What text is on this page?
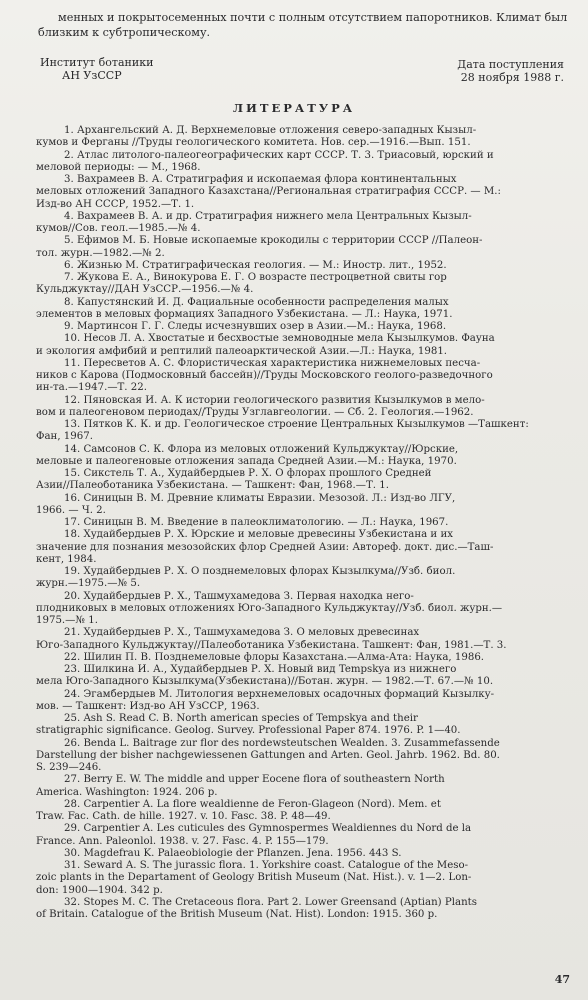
менных и покрытосеменных почти с полным отсутствием папоротников. Климат был
близким к субтропическому.
Институт ботаники
АН УзССР
Дата поступления
28 ноября 1988 г.
ЛИТЕРАТУРА
1. Архангельский А. Д. Верхнемеловые отложения северо-западных Кызыл-
кумов и Ферганы //Труды геологического комитета. Нов. сер.—1916.—Вып. 151.
2. Атлас литолого-палеогеографических карт СССР. Т. 3. Триасовый, юрский и
меловой периоды: — М., 1968.
3. Вахрамеев В. А. Стратиграфия и ископаемая флора континентальных
меловых отложений Западного Казахстана//Региональная стратиграфия СССР. — М.:
Изд-во АН СССР, 1952.—Т. 1.
4. Вахрамеев В. А. и др. Стратиграфия нижнего мела Центральных Кызыл-
кумов//Сов. геол.—1985.—№ 4.
5. Ефимов М. Б. Новые ископаемые крокодилы с территории СССР //Палеон-
тол. журн.—1982.—№ 2.
6. Жизнью М. Стратиграфическая геология. — М.: Иностр. лит., 1952.
7. Жукова Е. А., Винокурова Е. Г. О возрасте пестроцветной свиты гор
Кульджуктау//ДАН УзССР.—1956.—№ 4.
8. Капустянский И. Д. Фациальные особенности распределения малых
элементов в меловых формациях Западного Узбекистана. — Л.: Наука, 1971.
9. Мартинсон Г. Г. Следы исчезнувших озер в Азии.—М.: Наука, 1968.
10. Несов Л. А. Хвостатые и бесхвостые земноводные мела Кызылкумов. Фауна
и экология амфибий и рептилий палеоарктической Азии.—Л.: Наука, 1981.
11. Пересветов А. С. Флористическая характеристика нижнемеловых песча-
ников с Карова (Подмосковный бассейн)//Труды Московского геолого-разведочного
ин-та.—1947.—Т. 22.
12. Пяновская И. А. К истории геологического развития Кызылкумов в мело-
вом и палеогеновом периодах//Труды Узглавгеологии. — Сб. 2. Геология.—1962.
13. Пятков К. К. и др. Геологическое строение Центральных Кызылкумов —Ташкент:
Фан, 1967.
14. Самсонов С. К. Флора из меловых отложений Кульджуктау//Юрские,
меловые и палеогеновые отложения запада Средней Азии.—М.: Наука, 1970.
15. Сикстель Т. А., Худайбердыев Р. Х. О флорах прошлого Средней
Азии//Палеоботаника Узбекистана. — Ташкент: Фан, 1968.—Т. 1.
16. Синицын В. М. Древние климаты Евразии. Мезозой. Л.: Изд-во ЛГУ,
1966. — Ч. 2.
17. Синицын В. М. Введение в палеоклиматологию. — Л.: Наука, 1967.
18. Худайбердыев Р. Х. Юрские и меловые древесины Узбекистана и их
значение для познания мезозойских флор Средней Азии: Автореф. докт. дис.—Таш-
кент, 1984.
19. Худайбердыев Р. Х. О позднемеловых флорах Кызылкума//Узб. биол.
журн.—1975.—№ 5.
20. Худайбердыев Р. Х., Ташмухамедова З. Первая находка него-
плодниковых в меловых отложениях Юго-Западного Кульджуктау//Узб. биол. журн.—
1975.—№ 1.
21. Худайбердыев Р. Х., Ташмухамедова З. О меловых древесинах
Юго-Западного Кульджуктау//Палеоботаника Узбекистана. Ташкент: Фан, 1981.—Т. 3.
22. Шилин П. В. Позднемеловые флоры Казахстана.—Алма-Ата: Наука, 1986.
23. Шилкина И. А., Худайбердыев Р. Х. Новый вид Tempskya из нижнего
мела Юго-Западного Кызылкума(Узбекистана)//Ботан. журн. — 1982.—Т. 67.—№ 10.
24. Эгамбердыев М. Литология верхнемеловых осадочных формаций Кызылку-
мов. — Ташкент: Изд-во АН УзССР, 1963.
25. Ash S. Read C. B. North american species of Tempskya and their
stratigraphic significance. Geolog. Survey. Professional Paper 874. 1976. P. 1—40.
26. Benda L. Baitrage zur flor des nordewsteutschen Wealden. 3. Zusammefassende
Darstellung der bisher nachgewiessenen Gattungen and Arten. Geol. Jahrb. 1962. Bd. 80.
S. 239—246.
27. Berry E. W. The middle and upper Eocene flora of southeastern North
America. Washington: 1924. 206 p.
28. Carpentier A. La flore wealdienne de Feron-Glageon (Nord). Mem. et
Traw. Fac. Cath. de hille. 1927. v. 10. Fasc. 38. P. 48—49.
29. Carpentier A. Les cuticules des Gymnospermes Wealdiennes du Nord de la
France. Ann. Paleonlol. 1938. v. 27. Fasc. 4. P. 155—179.
30. Magdefrau K. Palaeobiologie der Pflanzen. Jena. 1956. 443 S.
31. Seward A. S. The jurassic flora. 1. Yorkshire coast. Catalogue of the Meso-
zoic plants in the Departament of Geology British Museum (Nat. Hist.). v. 1—2. Lon-
don: 1900—1904. 342 p.
32. Stopes M. C. The Cretaceous flora. Part 2. Lower Greensand (Aptian) Plants
of Britain. Catalogue of the British Museum (Nat. Hist). London: 1915. 360 p.
47
